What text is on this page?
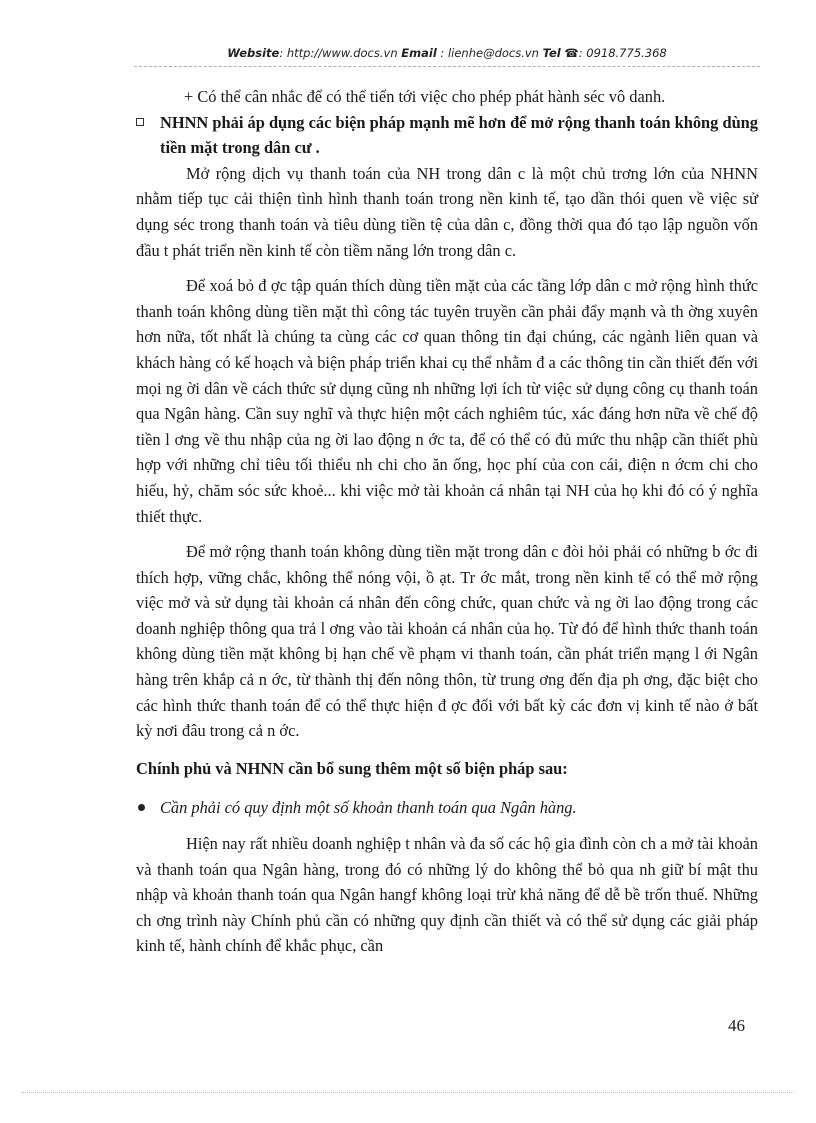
Website: http://www.docs.vn Email : lienhe@docs.vn Tel ☎: 0918.775.368

+ Có thể cân nhắc để có thể tiến tới việc cho phép phát hành séc vô danh.

NHNN phải áp dụng các biện pháp mạnh mẽ hơn để mở rộng thanh toán không dùng tiền mặt trong dân cư .

Mở rộng dịch vụ thanh toán của NH trong dân c là một chủ trơng lớn của NHNN nhằm tiếp tục cải thiện tình hình thanh toán trong nền kinh tế, tạo dần thói quen về việc sử dụng séc trong thanh toán và tiêu dùng tiền tệ của dân c, đồng thời qua đó tạo lập nguồn vốn đầu t phát triển nền kinh tế còn tiềm năng lớn trong dân c.

Để xoá bỏ đ ợc tập quán thích dùng tiền mặt của các tầng lớp dân c mở rộng hình thức thanh toán không dùng tiền mặt thì công tác tuyên truyền cần phải đẩy mạnh và th ờng xuyên hơn nữa, tốt nhất là chúng ta cùng các cơ quan thông tin đại chúng, các ngành liên quan và khách hàng có kế hoạch và biện pháp triển khai cụ thể nhằm đ a các thông tin cần thiết đến với mọi ng ời dân về cách thức sử dụng cũng nh những lợi ích từ việc sử dụng công cụ thanh toán qua Ngân hàng. Cần suy nghĩ và thực hiện một cách nghiêm túc, xác đáng hơn nữa về chế độ tiền l ơng về thu nhập của ng ời lao động n ớc ta, để có thể có đủ mức thu nhập cần thiết phù hợp với những chỉ tiêu tối thiểu nh chi cho ăn ống, học phí của con cái, điện n ớcm chi cho hiếu, hỷ, chăm sóc sức khoẻ... khi việc mở tài khoản cá nhân tại NH của họ khi đó có ý nghĩa thiết thực.

Để mở rộng thanh toán không dùng tiền mặt trong dân c đòi hỏi phải có những b ớc đi thích hợp, vững chắc, không thể nóng vội, ồ ạt. Tr ớc mắt, trong nền kinh tế có thể mở rộng việc mở và sử dụng tài khoản cá nhân đến công chức, quan chức và ng ời lao động trong các doanh nghiệp thông qua trả l ơng vào tài khoản cá nhân của họ. Từ đó để hình thức thanh toán không dùng tiền mặt không bị hạn chế về phạm vi thanh toán, cần phát triển mạng l ới Ngân hàng trên khắp cả n ớc, từ thành thị đến nông thôn, từ trung ơng đến địa ph ơng, đặc biệt cho các hình thức thanh toán để có thể thực hiện đ ợc đối với bất kỳ các đơn vị kinh tế nào ở bất kỳ nơi đâu trong cả n ớc.

Chính phủ và NHNN cần bổ sung thêm một số biện pháp sau:

Cần phải có quy định một số khoản thanh toán qua Ngân hàng.

Hiện nay rất nhiều doanh nghiệp t nhân và đa số các hộ gia đình còn ch a mở tài khoản và thanh toán qua Ngân hàng, trong đó có những lý do không thể bỏ qua nh giữ bí mật thu nhập và khoản thanh toán qua Ngân hangf không loại trừ khả năng để dễ bề trốn thuế. Những ch ơng trình này Chính phủ cần có những quy định cần thiết và có thể sử dụng các giải pháp kinh tế, hành chính để khắc phục, cần

46
